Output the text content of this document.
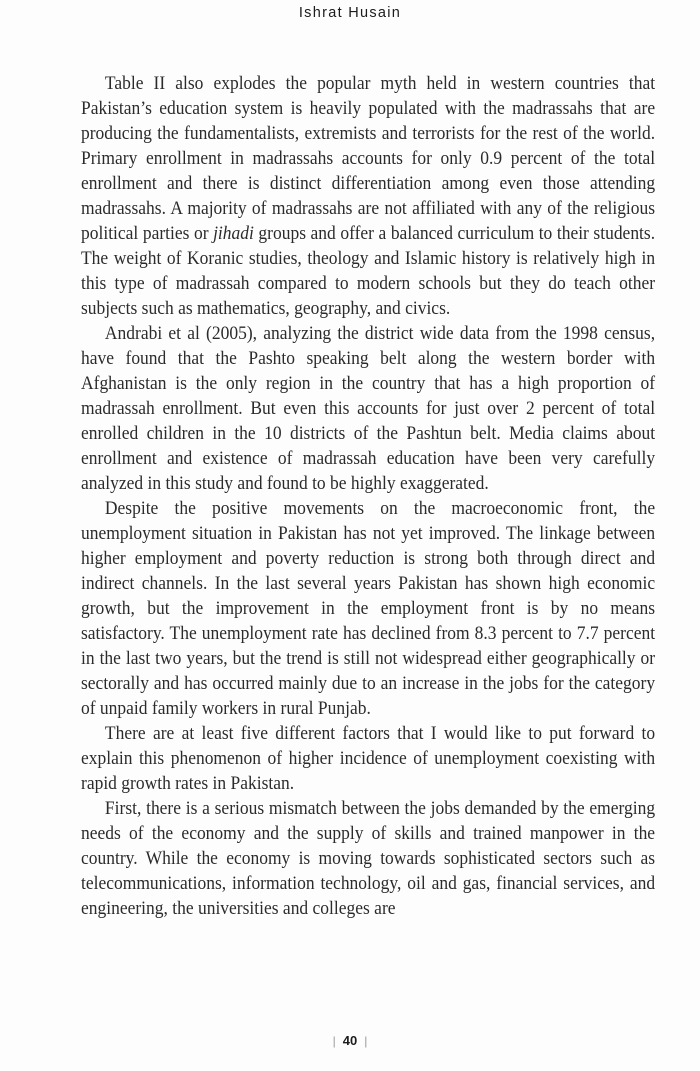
Ishrat Husain

Table II also explodes the popular myth held in western countries that Pakistan’s education system is heavily populated with the madrassahs that are producing the fundamentalists, extremists and terrorists for the rest of the world. Primary enrollment in madrassahs accounts for only 0.9 percent of the total enrollment and there is distinct differentiation among even those attending madrassahs. A majority of madrassahs are not affiliated with any of the religious political parties or jihadi groups and offer a balanced curriculum to their students. The weight of Koranic studies, theology and Islamic history is relatively high in this type of madrassah compared to modern schools but they do teach other subjects such as mathematics, geography, and civics.

Andrabi et al (2005), analyzing the district wide data from the 1998 census, have found that the Pashto speaking belt along the western border with Afghanistan is the only region in the country that has a high proportion of madrassah enrollment. But even this accounts for just over 2 percent of total enrolled children in the 10 districts of the Pashtun belt. Media claims about enrollment and existence of madrassah education have been very carefully analyzed in this study and found to be highly exaggerated.

Despite the positive movements on the macroeconomic front, the unemployment situation in Pakistan has not yet improved. The linkage between higher employment and poverty reduction is strong both through direct and indirect channels. In the last several years Pakistan has shown high economic growth, but the improvement in the employment front is by no means satisfactory. The unemployment rate has declined from 8.3 percent to 7.7 percent in the last two years, but the trend is still not widespread either geographically or sectorally and has occurred mainly due to an increase in the jobs for the category of unpaid family workers in rural Punjab.

There are at least five different factors that I would like to put forward to explain this phenomenon of higher incidence of unemployment coexisting with rapid growth rates in Pakistan.

First, there is a serious mismatch between the jobs demanded by the emerging needs of the economy and the supply of skills and trained manpower in the country. While the economy is moving towards sophisticated sectors such as telecommunications, information technology, oil and gas, financial services, and engineering, the universities and colleges are

| 40 |
